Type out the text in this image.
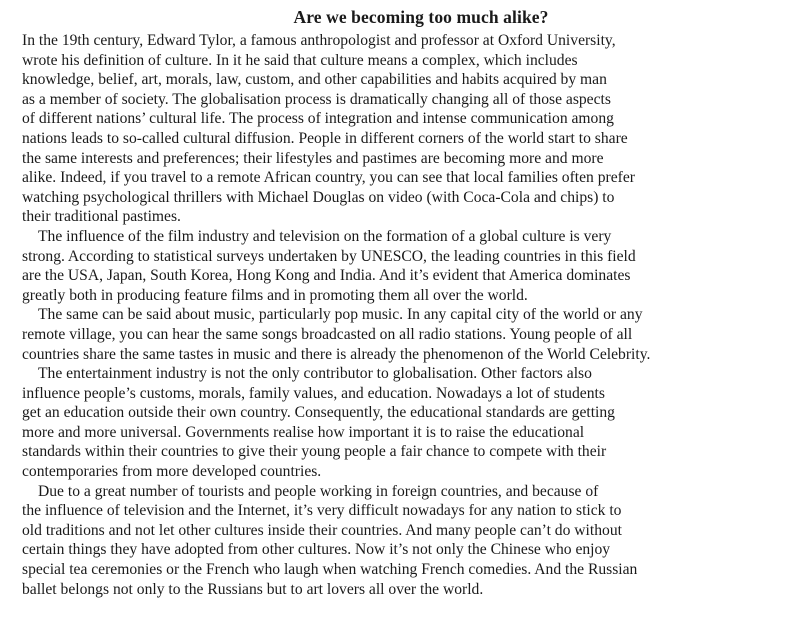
Are we becoming too much alike?
In the 19th century, Edward Tylor, a famous anthropologist and professor at Oxford University,
wrote his definition of culture. In it he said that culture means a complex, which includes
knowledge, belief, art, morals, law, custom, and other capabilities and habits acquired by man
as a member of society. The globalisation process is dramatically changing all of those aspects
of different nations’ cultural life. The process of integration and intense communication among
nations leads to so-called cultural diffusion. People in different corners of the world start to share
the same interests and preferences; their lifestyles and pastimes are becoming more and more
alike. Indeed, if you travel to a remote African country, you can see that local families often prefer
watching psychological thrillers with Michael Douglas on video (with Coca-Cola and chips) to
their traditional pastimes.
The influence of the film industry and television on the formation of a global culture is very
strong. According to statistical surveys undertaken by UNESCO, the leading countries in this field
are the USA, Japan, South Korea, Hong Kong and India. And it’s evident that America dominates
greatly both in producing feature films and in promoting them all over the world.
The same can be said about music, particularly pop music. In any capital city of the world or any
remote village, you can hear the same songs broadcasted on all radio stations. Young people of all
countries share the same tastes in music and there is already the phenomenon of the World Celebrity.
The entertainment industry is not the only contributor to globalisation. Other factors also
influence people’s customs, morals, family values, and education. Nowadays a lot of students
get an education outside their own country. Consequently, the educational standards are getting
more and more universal. Governments realise how important it is to raise the educational
standards within their countries to give their young people a fair chance to compete with their
contemporaries from more developed countries.
Due to a great number of tourists and people working in foreign countries, and because of
the influence of television and the Internet, it’s very difficult nowadays for any nation to stick to
old traditions and not let other cultures inside their countries. And many people can’t do without
certain things they have adopted from other cultures. Now it’s not only the Chinese who enjoy
special tea ceremonies or the French who laugh when watching French comedies. And the Russian
ballet belongs not only to the Russians but to art lovers all over the world.
